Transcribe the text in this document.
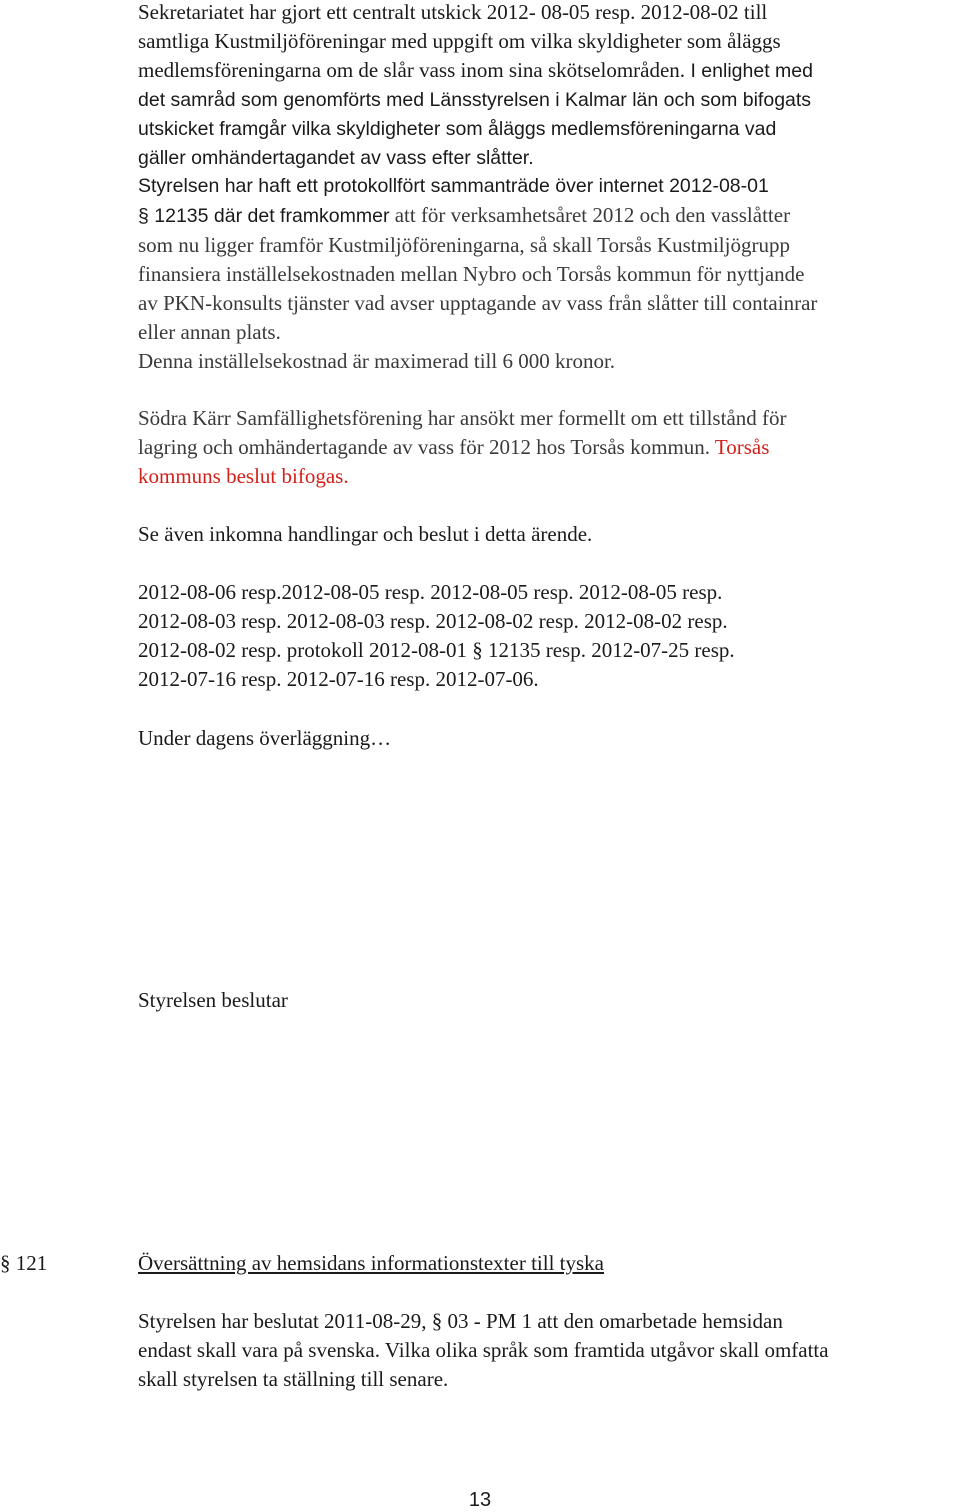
Sekretariatet har gjort ett centralt utskick 2012- 08-05 resp. 2012-08-02 till

samtliga Kustmiljöföreningar med uppgift om vilka skyldigheter som åläggs

medlemsföreningarna om de slår vass inom sina skötselområden. I enlighet med

det samråd som genomförts med Länsstyrelsen i Kalmar län och som bifogats

utskicket framgår vilka skyldigheter som åläggs medlemsföreningarna vad

gäller omhändertagandet av vass efter slåtter.

Styrelsen har haft ett protokollfört sammanträde över internet 2012-08-01

§ 12135 där det framkommer att för verksamhetsåret 2012 och den vasslåtter

som nu ligger framför Kustmiljöföreningarna, så skall Torsås Kustmiljögrupp

finansiera inställelsekostnaden mellan Nybro och Torsås kommun för nyttjande

av PKN-konsults tjänster vad avser upptagande av vass från slåtter till containrar

eller annan plats.

Denna inställelsekostnad är maximerad till 6 000 kronor.

Södra Kärr Samfällighetsförening har ansökt mer formellt om ett tillstånd för

lagring och omhändertagande av vass för 2012 hos Torsås kommun. Torsås

kommuns beslut bifogas.

Se även inkomna handlingar och beslut i detta ärende.

2012-08-06 resp.2012-08-05 resp. 2012-08-05 resp. 2012-08-05 resp.

2012-08-03 resp. 2012-08-03 resp. 2012-08-02 resp. 2012-08-02 resp.

2012-08-02 resp. protokoll 2012-08-01 § 12135 resp. 2012-07-25 resp.

2012-07-16 resp. 2012-07-16 resp. 2012-07-06.

Under dagens överläggning…

Styrelsen beslutar

§ 121	Översättning av hemsidans informationstexter till tyska

Styrelsen har beslutat 2011-08-29, § 03 - PM 1 att den omarbetade hemsidan

endast skall vara på svenska. Vilka olika språk som framtida utgåvor skall omfatta

skall styrelsen ta ställning till senare.

13
